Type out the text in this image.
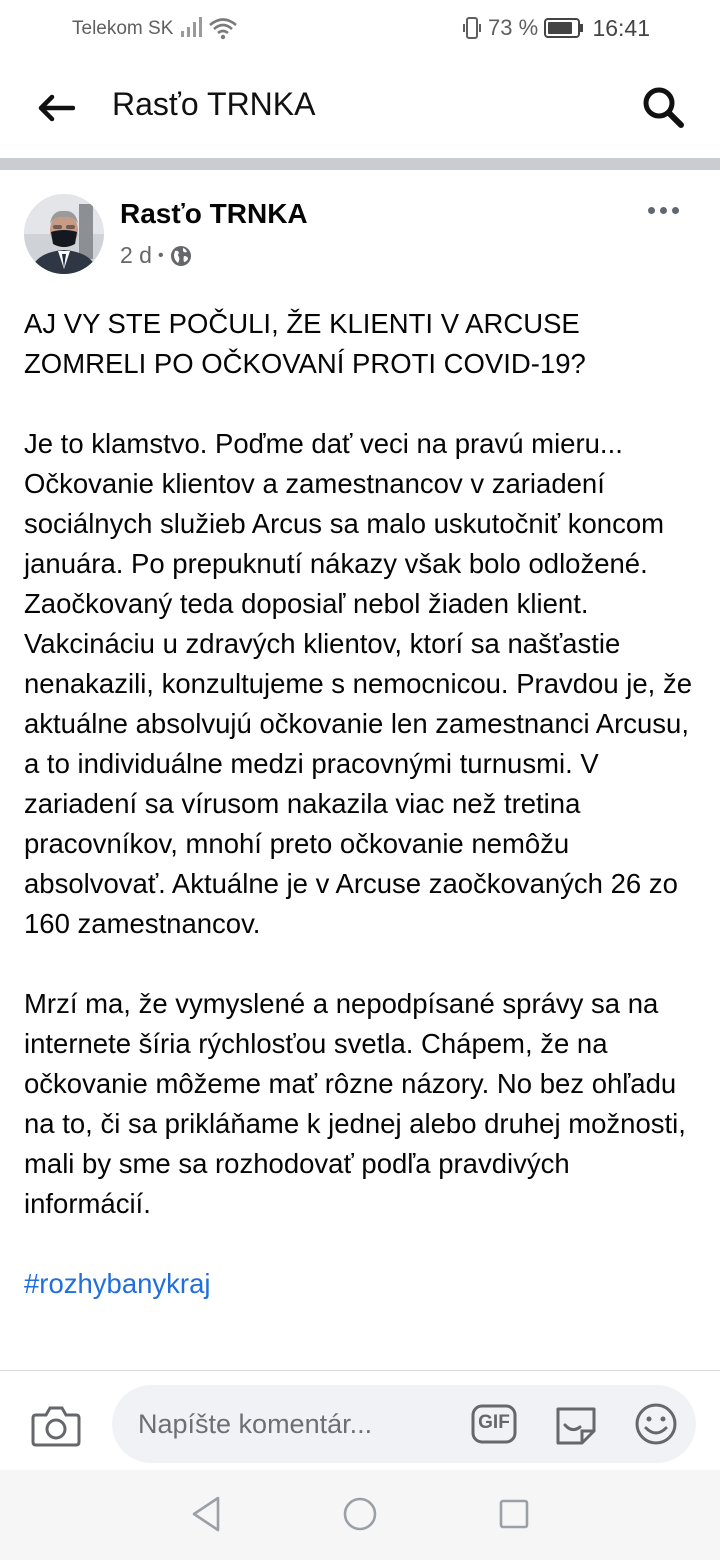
Telekom SK	73 % 16:41
Rasťo TRNKA
Rasťo TRNKA
2 d •

AJ VY STE POČULI, ŽE KLIENTI V ARCUSE ZOMRELI PO OČKOVANÍ PROTI COVID-19?

Je to klamstvo. Poďme dať veci na pravú mieru... Očkovanie klientov a zamestnancov v zariadení sociálnych služieb Arcus sa malo uskutočniť koncom januára. Po prepuknutí nákazy však bolo odložené. Zaočkovaný teda doposiaľ nebol žiaden klient. Vakcináciu u zdravých klientov, ktorí sa našťastie nenakazili, konzultujeme s nemocnicou. Pravdou je, že aktuálne absolvujú očkovanie len zamestnanci Arcusu, a to individuálne medzi pracovnými turnusmi. V zariadení sa vírusom nakazila viac než tretina pracovníkov, mnohí preto očkovanie nemôžu absolvovať. Aktuálne je v Arcuse zaočkovaných 26 zo 160 zamestnancov.

Mrzí ma, že vymyslené a nepodpísané správy sa na internete šíria rýchlosťou svetla. Chápem, že na očkovanie môžeme mať rôzne názory. No bez ohľadu na to, či sa prikláňame k jednej alebo druhej možnosti, mali by sme sa rozhodovať podľa pravdivých informácií.

#rozhybanykraj

Napíšte komentár...
GIF
